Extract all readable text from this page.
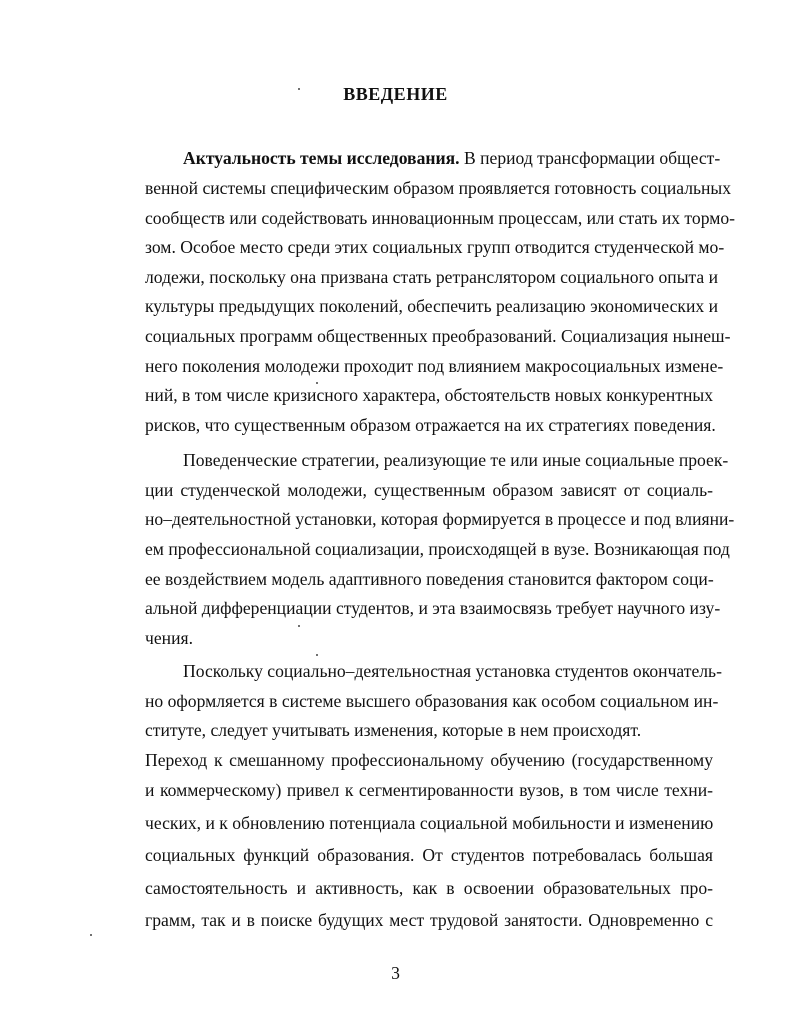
ВВЕДЕНИЕ
Актуальность темы исследования. В период трансформации общест-
венной системы специфическим образом проявляется готовность социальных
сообществ или содействовать инновационным процессам, или стать их тормо-
зом. Особое место среди этих социальных групп отводится студенческой мо-
лодежи, поскольку она призвана стать ретранслятором социального опыта и
культуры предыдущих поколений, обеспечить реализацию экономических и
социальных программ общественных преобразований. Социализация нынеш-
него поколения молодежи проходит под влиянием макросоциальных измене-
ний, в том числе кризисного характера, обстоятельств новых конкурентных
рисков, что существенным образом отражается на их стратегиях поведения.
Поведенческие стратегии, реализующие те или иные социальные проек-
ции студенческой молодежи, существенным образом зависят от социаль-
но–деятельностной установки, которая формируется в процессе и под влияни-
ем профессиональной социализации, происходящей в вузе. Возникающая под
ее воздействием модель адаптивного поведения становится фактором соци-
альной дифференциации студентов, и эта взаимосвязь требует научного изу-
чения.
Поскольку социально–деятельностная установка студентов окончатель-
но оформляется в системе высшего образования как особом социальном ин-
ституте, следует учитывать изменения, которые в нем происходят.
Переход к смешанному профессиональному обучению (государственному
и коммерческому) привел к сегментированности вузов, в том числе техни-
ческих, и к обновлению потенциала социальной мобильности и изменению
социальных функций образования. От студентов потребовалась большая
самостоятельность и активность, как в освоении образовательных про-
грамм, так и в поиске будущих мест трудовой занятости. Одновременно с
3
